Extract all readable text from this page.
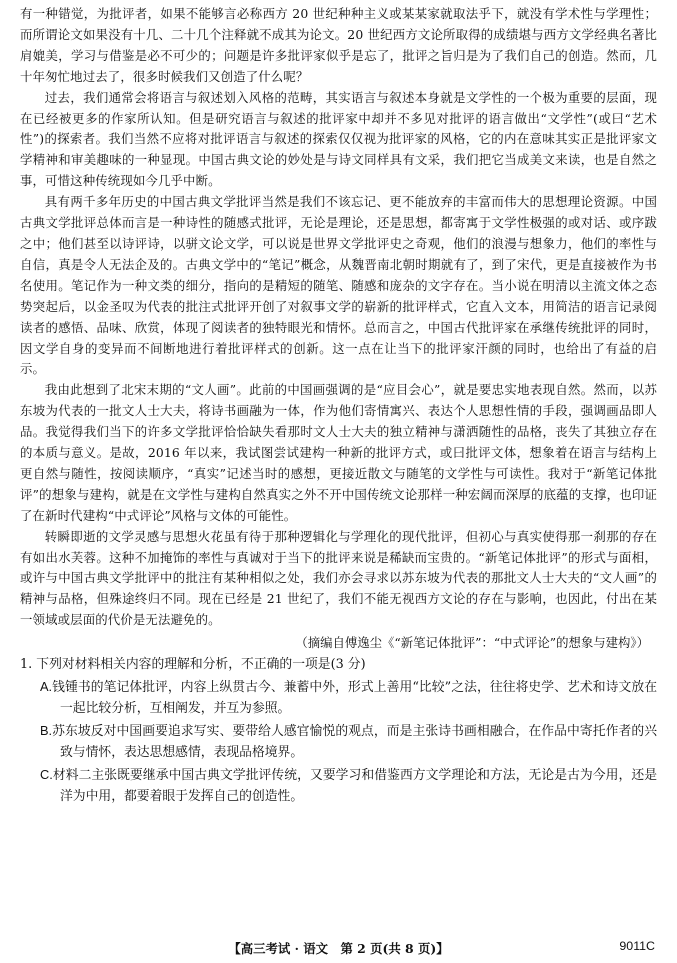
有一种错觉，为批评者，如果不能够言必称西方 20 世纪种种主义或某某家就取法乎下，就没有学术性与学理性；而所谓论文如果没有十几、二十几个注释就不成其为论文。20 世纪西方文论所取得的成绩堪与西方文学经典名著比肩媲美，学习与借鉴是必不可少的；问题是许多批评家似乎是忘了，批评之旨归是为了我们自己的创造。然而，几十年匆忙地过去了，很多时候我们又创造了什么呢？

过去，我们通常会将语言与叙述划入风格的范畴，其实语言与叙述本身就是文学性的一个极为重要的层面，现在已经被更多的作家所认知。但是研究语言与叙述的批评家中却并不多见对批评的语言做出“文学性”(或曰“艺术性”)的探索者。我们当然不应将对批评语言与叙述的探索仅仅视为批评家的风格，它的内在意味其实正是批评家文学精神和审美趣味的一种显现。中国古典文论的妙处是与诗文同样具有文采，我们把它当成美文来读，也是自然之事，可惜这种传统现如今几乎中断。

具有两千多年历史的中国古典文学批评当然是我们不该忘记、更不能放弃的丰富而伟大的思想理论资源。中国古典文学批评总体而言是一种诗性的随感式批评，无论是理论，还是思想，都寄寓于文学性极强的或对话、或序跋之中；他们甚至以诗评诗，以骈文论文学，可以说是世界文学批评史之奇观，他们的浪漫与想象力，他们的率性与自信，真是令人无法企及的。古典文学中的“笔记”概念，从魏晋南北朝时期就有了，到了宋代，更是直接被作为书名使用。笔记作为一种文类的细分，指向的是精短的随笔、随感和庞杂的文字存在。当小说在明清以主流文体之态势突起后，以金圣叹为代表的批注式批评开创了对叙事文学的崭新的批评样式，它直入文本，用简洁的语言记录阅读者的感悟、品味、欣赏，体现了阅读者的独特眼光和情怀。总而言之，中国古代批评家在承继传统批评的同时，因文学自身的变异而不间断地进行着批评样式的创新。这一点在让当下的批评家汗颜的同时，也给出了有益的启示。

我由此想到了北宋末期的“文人画”。此前的中国画强调的是“应目会心”，就是要忠实地表现自然。然而，以苏东坡为代表的一批文人士大夫，将诗书画融为一体，作为他们寄情寓兴、表达个人思想性情的手段，强调画品即人品。我觉得我们当下的许多文学批评恰恰缺失看那时文人士大夫的独立精神与潇洒随性的品格，丧失了其独立存在的本质与意义。是故，2016 年以来，我试图尝试建构一种新的批评方式，或曰批评文体，想象着在语言与结构上更自然与随性，按阅读顺序，“真实”记述当时的感想，更接近散文与随笔的文学性与可读性。我对于“新笔记体批评”的想象与建构，就是在文学性与建构自然真实之外不开中国传统文论那样一种宏阔而深厚的底蕴的支撑，也印证了在新时代建构“中式评论”风格与文体的可能性。

转瞬即逝的文学灵感与思想火花虽有待于那种逻辑化与学理化的现代批评，但初心与真实使得那一刹那的存在有如出水芙蓉。这种不加掩饰的率性与真诚对于当下的批评来说是稀缺而宝贵的。“新笔记体批评”的形式与面相，或许与中国古典文学批评中的批注有某种相似之处，我们亦会寻求以苏东坡为代表的那批文人士大夫的“文人画”的精神与品格，但殊途终归不同。现在已经是 21 世纪了，我们不能无视西方文论的存在与影响，也因此，付出在某一领域或层面的代价是无法避免的。

（摘编自傅逸尘《“新笔记体批评”：“中式评论”的想象与建构》）

1. 下列对材料相关内容的理解和分析，不正确的一项是(3 分)

A.钱锺书的笔记体批评，内容上纵贯古今、兼蓄中外，形式上善用“比较”之法，往往将史学、艺术和诗文放在一起比较分析，互相阐发，并互为参照。

B.苏东坡反对中国画要追求写实、要带给人感官愉悦的观点，而是主张诗书画相融合，在作品中寄托作者的兴致与情怀，表达思想感情，表现品格境界。

C.材料二主张既要继承中国古典文学批评传统，又要学习和借鉴西方文学理论和方法，无论是古为今用，还是洋为中用，都要着眼于发挥自己的创造性。

【高三考试 · 语文　第 2 页(共 8 页)】	9011C
